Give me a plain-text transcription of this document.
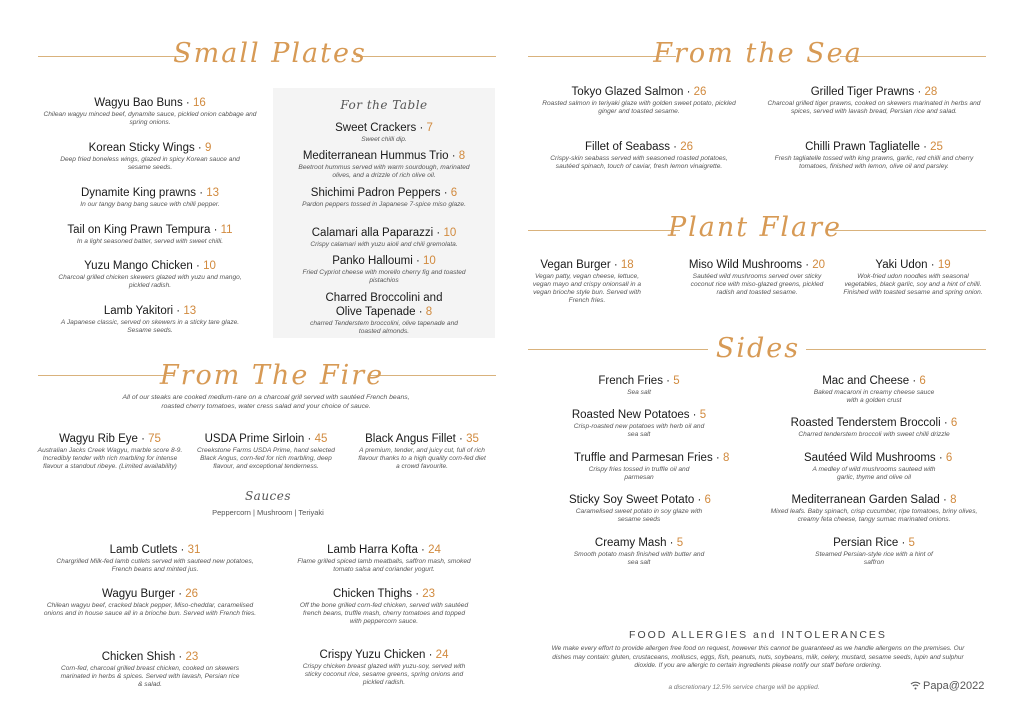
Small Plates
Wagyu Bao Buns · 16
Chilean wagyu minced beef, dynamite sauce, pickled onion cabbage and spring onions.
Korean Sticky Wings · 9
Deep fried boneless wings, glazed in spicy Korean sauce and sesame seeds.
Dynamite King prawns · 13
In our tangy bang bang sauce with chilli pepper.
Tail on King Prawn Tempura · 11
In a light seasoned batter, served with sweet chilli.
Yuzu Mango Chicken · 10
Charcoal grilled chicken skewers glazed with yuzu and mango, pickled radish.
Lamb Yakitori · 13
A Japanese classic, served on skewers in a sticky tare glaze. Sesame seeds.
For the Table
Sweet Crackers · 7
Sweet chilli dip.
Mediterranean Hummus Trio · 8
Beetroot hummus served with warm sourdough, marinated olives, and a drizzle of rich olive oil.
Shichimi Padron Peppers · 6
Pardon peppers tossed in Japanese 7-spice miso glaze.
Calamari alla Paparazzi · 10
Crispy calamari with yuzu aioli and chili gremolata.
Panko Halloumi · 10
Fried Cypriot cheese with morello cherry fig and toasted pistachios
Charred Broccolini and Olive Tapenade · 8
charred Tenderstem broccolini, olive tapenade and toasted almonds.
From The Fire
All of our steaks are cooked medium-rare on a charcoal grill served with sautéed French beans, roasted cherry tomatoes, water cress salad and your choice of sauce.
Wagyu Rib Eye · 75
Australian Jacks Creek Wagyu, marble score 8-9. Incredibly tender with rich marbling for intense flavour a standout ribeye. (Limited availability)
USDA Prime Sirloin · 45
Creekstone Farms USDA Prime, hand selected Black Angus, corn-fed for rich marbling, deep flavour, and exceptional tenderness.
Black Angus Fillet · 35
A premium, tender, and juicy cut, full of rich flavour thanks to a high quality corn-fed diet a crowd favourite.
Sauces
Peppercorn | Mushroom | Teriyaki
Lamb Cutlets · 31
Chargrilled Milk-fed lamb cutlets served with sauteed new potatoes, French beans and minted jus.
Lamb Harra Kofta · 24
Flame grilled spiced lamb meatballs, saffron mash, smoked tomato salsa and coriander yogurt.
Wagyu Burger · 26
Chilean wagyu beef, cracked black pepper, Miso-cheddar, caramelised onions and in house sauce all in a brioche bun. Served with French fries.
Chicken Thighs · 23
Off the bone grilled corn-fed chicken, served with sautéed french beans, truffle mash, cherry tomatoes and topped with peppercorn sauce.
Chicken Shish · 23
Corn-fed, charcoal grilled breast chicken, cooked on skewers marinated in herbs & spices. Served with lavash, Persian rice & salad.
Crispy Yuzu Chicken · 24
Crispy chicken breast glazed with yuzu-soy, served with sticky coconut rice, sesame greens, spring onions and pickled radish.
From the Sea
Tokyo Glazed Salmon · 26
Roasted salmon in teriyaki glaze with golden sweet potato, pickled ginger and toasted sesame.
Grilled Tiger Prawns · 28
Charcoal grilled tiger prawns, cooked on skewers marinated in herbs and spices, served with lavash bread, Persian rice and salad.
Fillet of Seabass · 26
Crispy-skin seabass served with seasoned roasted potatoes, sautéed spinach, touch of caviar, fresh lemon vinaigrette.
Chilli Prawn Tagliatelle · 25
Fresh tagliatelle tossed with king prawns, garlic, red chilli and cherry tomatoes, finished with lemon, olive oil and parsley.
Plant Flare
Vegan Burger · 18
Vegan patty, vegan cheese, lettuce, vegan mayo and crispy onionsall in a vegan brioche style bun. Served with French fries.
Miso Wild Mushrooms · 20
Sautéed wild mushrooms served over sticky coconut rice with miso-glazed greens, pickled radish and toasted sesame.
Yaki Udon · 19
Wok-fried udon noodles with seasonal vegetables, black garlic, soy and a hint of chilli. Finished with toasted sesame and spring onion.
Sides
French Fries · 5
Sea salt
Mac and Cheese · 6
Baked macaroni in creamy cheese sauce with a golden crust
Roasted New Potatoes · 5
Crisp-roasted new potatoes with herb oil and sea salt
Roasted Tenderstem Broccoli · 6
Charred tenderstem broccoli with sweet chilli drizzle
Truffle and Parmesan Fries · 8
Crispy fries tossed in truffle oil and parmesan
Sautéed Wild Mushrooms · 6
A medley of wild mushrooms sauteed with garlic, thyme and olive oil
Sticky Soy Sweet Potato · 6
Caramelised sweet potato in soy glaze with sesame seeds
Mediterranean Garden Salad · 8
Mixed leafs. Baby spinach, crisp cucumber, ripe tomatoes, briny olives, creamy feta cheese, tangy sumac marinated onions.
Creamy Mash · 5
Smooth potato mash finished with butter and sea salt
Persian Rice · 5
Steamed Persian-style rice with a hint of saffron
FOOD ALLERGIES and INTOLERANCES
We make every effort to provide allergen free food on request, however this cannot be guaranteed as we handle allergens on the premises. Our dishes may contain: gluten, crustaceans, molluscs, eggs, fish, peanuts, nuts, soybeans, milk, celery, mustard, sesame seeds, lupin and sulphur dioxide. If you are allergic to certain ingredients please notify our staff before ordering.
a discretionary 12.5% service charge will be applied.	Papa@2022
